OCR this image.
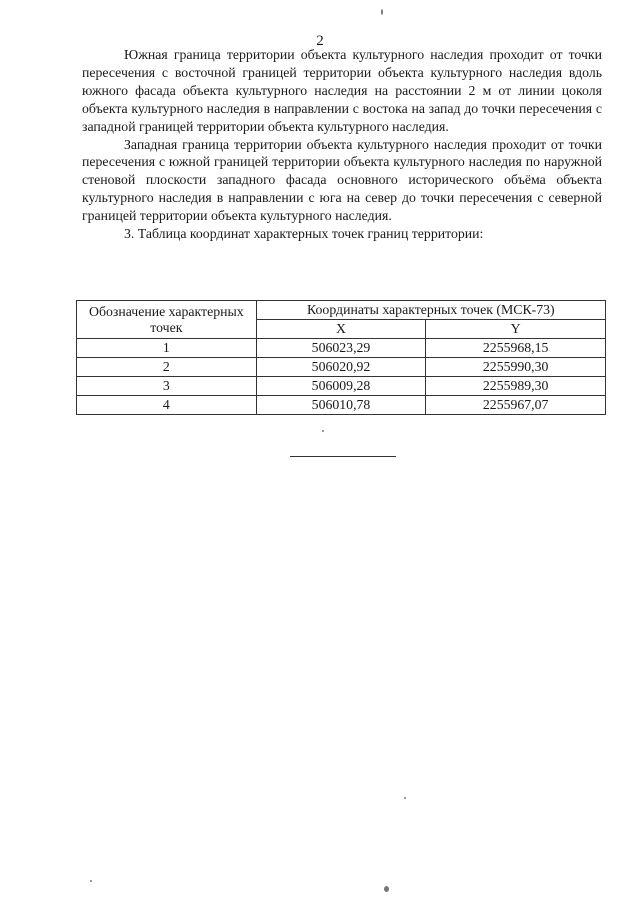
2

Южная граница территории объекта культурного наследия проходит от точки пересечения с восточной границей территории объекта культурного наследия вдоль южного фасада объекта культурного наследия на расстоянии 2 м от линии цоколя объекта культурного наследия в направлении с востока на запад до точки пересечения с западной границей территории объекта культурного наследия.

Западная граница территории объекта культурного наследия проходит от точки пересечения с южной границей территории объекта культурного наследия по наружной стеновой плоскости западного фасада основного исторического объёма объекта культурного наследия в направлении с юга на север до точки пересечения с северной границей территории объекта культурного наследия.

3. Таблица координат характерных точек границ территории:

Обозначение характерных точек	Координаты характерных точек (МСК-73)	
	X	Y
1	506023,29	2255968,15
2	506020,92	2255990,30
3	506009,28	2255989,30
4	506010,78	2255967,07
